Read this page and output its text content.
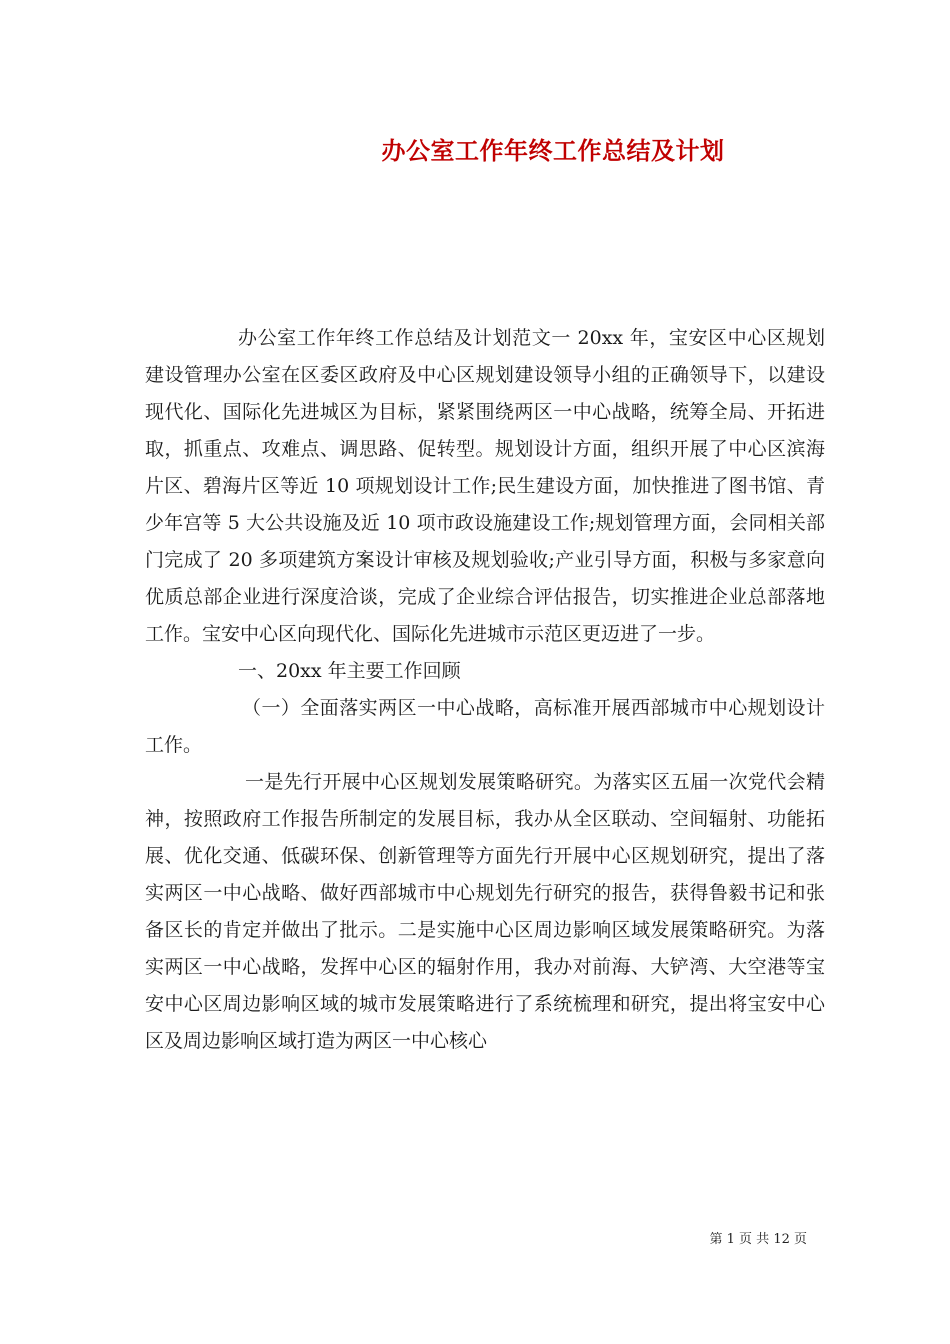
办公室工作年终工作总结及计划

办公室工作年终工作总结及计划范文一 20xx 年，宝安区中心区规划建设管理办公室在区委区政府及中心区规划建设领导小组的正确领导下，以建设现代化、国际化先进城区为目标，紧紧围绕两区一中心战略，统筹全局、开拓进取，抓重点、攻难点、调思路、促转型。规划设计方面，组织开展了中心区滨海片区、碧海片区等近 10 项规划设计工作;民生建设方面，加快推进了图书馆、青少年宫等 5 大公共设施及近 10 项市政设施建设工作;规划管理方面，会同相关部门完成了 20 多项建筑方案设计审核及规划验收;产业引导方面，积极与多家意向优质总部企业进行深度洽谈，完成了企业综合评估报告，切实推进企业总部落地工作。宝安中心区向现代化、国际化先进城市示范区更迈进了一步。

一、20xx 年主要工作回顾

（一）全面落实两区一中心战略，高标准开展西部城市中心规划设计工作。

一是先行开展中心区规划发展策略研究。为落实区五届一次党代会精神，按照政府工作报告所制定的发展目标，我办从全区联动、空间辐射、功能拓展、优化交通、低碳环保、创新管理等方面先行开展中心区规划研究，提出了落实两区一中心战略、做好西部城市中心规划先行研究的报告，获得鲁毅书记和张备区长的肯定并做出了批示。二是实施中心区周边影响区域发展策略研究。为落实两区一中心战略，发挥中心区的辐射作用，我办对前海、大铲湾、大空港等宝安中心区周边影响区域的城市发展策略进行了系统梳理和研究，提出将宝安中心区及周边影响区域打造为两区一中心核心

第 1 页 共 12 页
